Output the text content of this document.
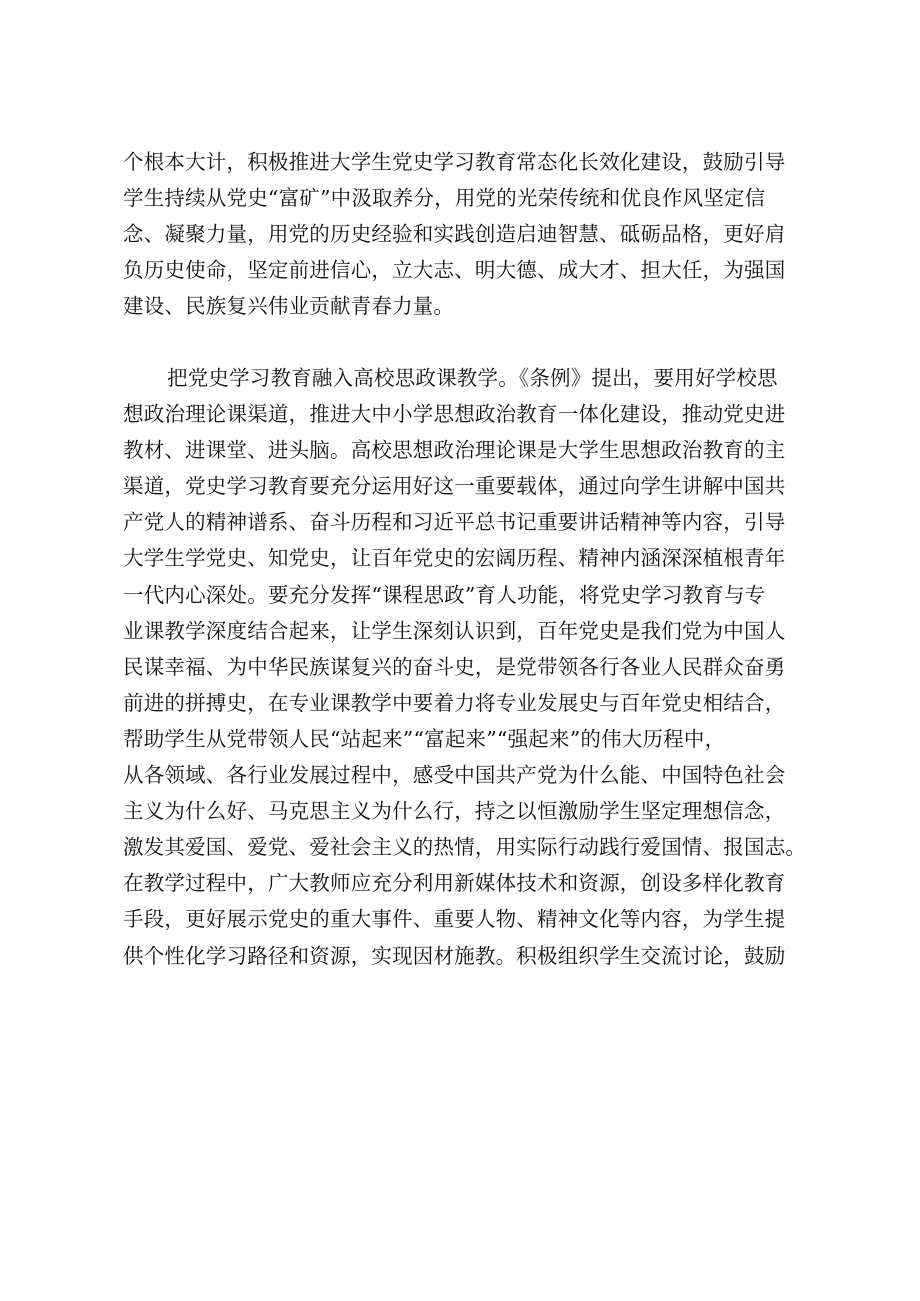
个根本大计，积极推进大学生党史学习教育常态化长效化建设，鼓励引导
学生持续从党史“富矿”中汲取养分，用党的光荣传统和优良作风坚定信
念、凝聚力量，用党的历史经验和实践创造启迪智慧、砥砺品格，更好肩
负历史使命，坚定前进信心，立大志、明大德、成大才、担大任，为强国
建设、民族复兴伟业贡献青春力量。
把党史学习教育融入高校思政课教学。《条例》提出，要用好学校思
想政治理论课渠道，推进大中小学思想政治教育一体化建设，推动党史进
教材、进课堂、进头脑。高校思想政治理论课是大学生思想政治教育的主
渠道，党史学习教育要充分运用好这一重要载体，通过向学生讲解中国共
产党人的精神谱系、奋斗历程和习近平总书记重要讲话精神等内容，引导
大学生学党史、知党史，让百年党史的宏阔历程、精神内涵深深植根青年
一代内心深处。要充分发挥“课程思政”育人功能，将党史学习教育与专
业课教学深度结合起来，让学生深刻认识到，百年党史是我们党为中国人
民谋幸福、为中华民族谋复兴的奋斗史，是党带领各行各业人民群众奋勇
前进的拼搏史，在专业课教学中要着力将专业发展史与百年党史相结合，
帮助学生从党带领人民“站起来”“富起来”“强起来”的伟大历程中，
从各领域、各行业发展过程中，感受中国共产党为什么能、中国特色社会
主义为什么好、马克思主义为什么行，持之以恒激励学生坚定理想信念，
激发其爱国、爱党、爱社会主义的热情，用实际行动践行爱国情、报国志。
在教学过程中，广大教师应充分利用新媒体技术和资源，创设多样化教育
手段，更好展示党史的重大事件、重要人物、精神文化等内容，为学生提
供个性化学习路径和资源，实现因材施教。积极组织学生交流讨论，鼓励
